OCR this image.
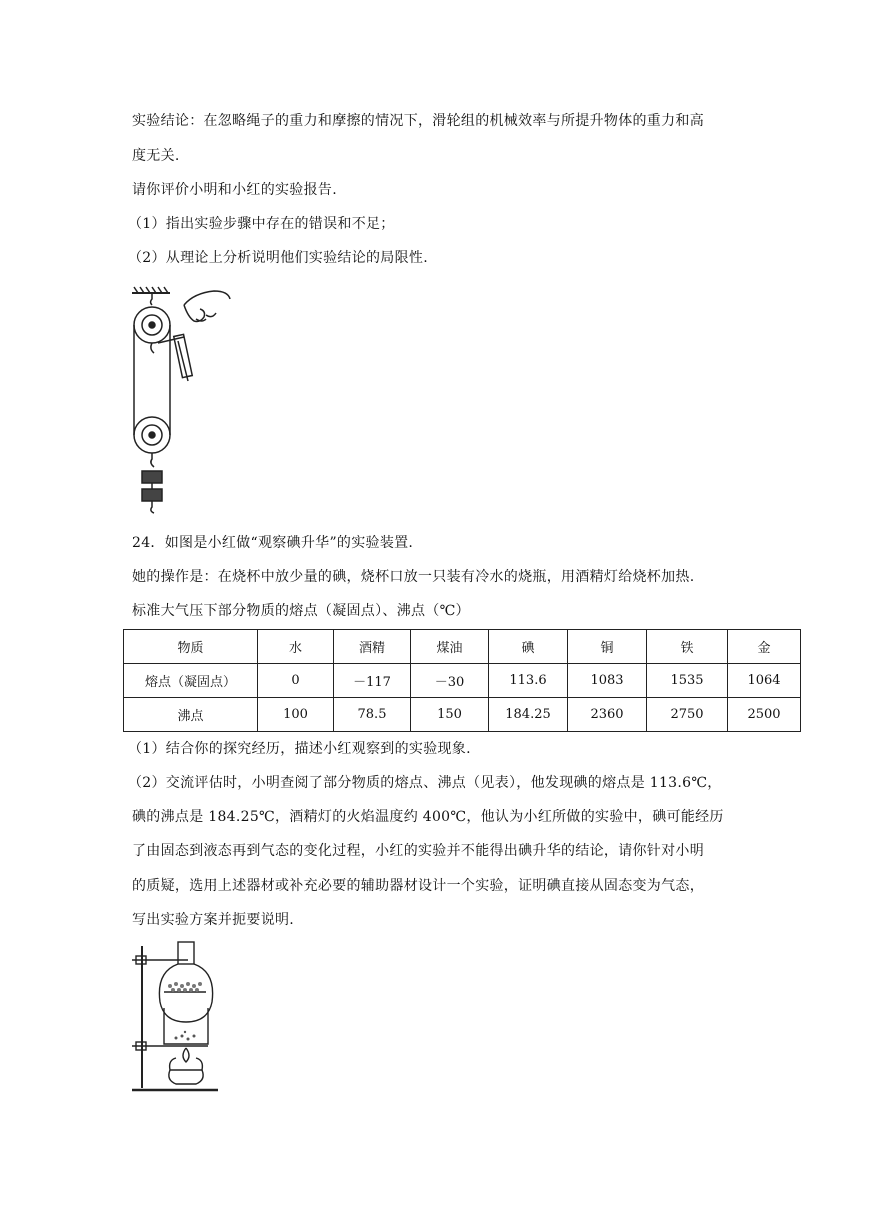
实验结论：在忽略绳子的重力和摩擦的情况下，滑轮组的机械效率与所提升物体的重力和高
度无关.
请你评价小明和小红的实验报告.
（1）指出实验步骤中存在的错误和不足；
（2）从理论上分析说明他们实验结论的局限性.
24．如图是小红做“观察碘升华”的实验装置.
她的操作是：在烧杯中放少量的碘，烧杯口放一只装有冷水的烧瓶，用酒精灯给烧杯加热.
标准大气压下部分物质的熔点（凝固点）、沸点（℃）
物质	水	酒精	煤油	碘	铜	铁	金
熔点（凝固点）	0	－117	－30	113.6	1083	1535	1064
沸点	100	78.5	150	184.25	2360	2750	2500
（1）结合你的探究经历，描述小红观察到的实验现象.
（2）交流评估时，小明查阅了部分物质的熔点、沸点（见表），他发现碘的熔点是 113.6℃，
碘的沸点是 184.25℃，酒精灯的火焰温度约 400℃，他认为小红所做的实验中，碘可能经历
了由固态到液态再到气态的变化过程，小红的实验并不能得出碘升华的结论，请你针对小明
的质疑，选用上述器材或补充必要的辅助器材设计一个实验，证明碘直接从固态变为气态，
写出实验方案并扼要说明.
